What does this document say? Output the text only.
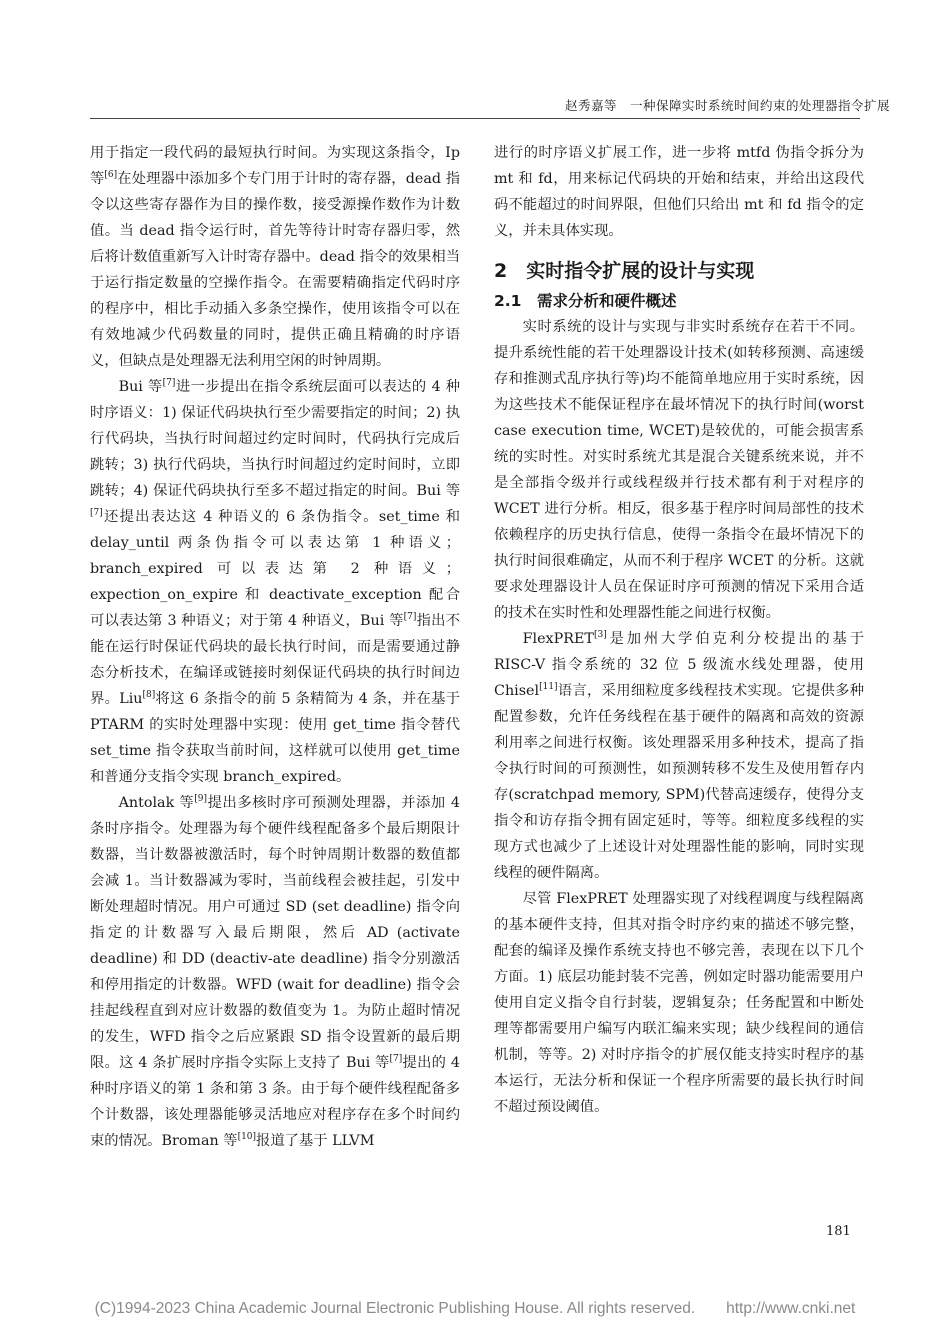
赵秀嘉等　一种保障实时系统时间约束的处理器指令扩展

用于指定一段代码的最短执行时间。为实现这条指令，Ip 等[6]在处理器中添加多个专门用于计时的寄存器，dead 指令以这些寄存器作为目的操作数，接受源操作数作为计数值。当 dead 指令运行时，首先等待计时寄存器归零，然后将计数值重新写入计时寄存器中。dead 指令的效果相当于运行指定数量的空操作指令。在需要精确指定代码时序的程序中，相比手动插入多条空操作，使用该指令可以在有效地减少代码数量的同时，提供正确且精确的时序语义，但缺点是处理器无法利用空闲的时钟周期。

Bui 等[7]进一步提出在指令系统层面可以表达的 4 种时序语义：1) 保证代码块执行至少需要指定的时间；2) 执行代码块，当执行时间超过约定时间时，代码执行完成后跳转；3) 执行代码块，当执行时间超过约定时间时，立即跳转；4) 保证代码块执行至多不超过指定的时间。Bui 等[7]还提出表达这 4 种语义的 6 条伪指令。set_time 和 delay_until 两条伪指令可以表达第 1 种语义；branch_expired 可以表达第 2 种语义；expection_on_expire 和 deactivate_exception 配合可以表达第 3 种语义；对于第 4 种语义，Bui 等[7]指出不能在运行时保证代码块的最长执行时间，而是需要通过静态分析技术，在编译或链接时刻保证代码块的执行时间边界。Liu[8]将这 6 条指令的前 5 条精简为 4 条，并在基于 PTARM 的实时处理器中实现：使用 get_time 指令替代 set_time 指令获取当前时间，这样就可以使用 get_time 和普通分支指令实现 branch_expired。

Antolak 等[9]提出多核时序可预测处理器，并添加 4 条时序指令。处理器为每个硬件线程配备多个最后期限计数器，当计数器被激活时，每个时钟周期计数器的数值都会减 1。当计数器减为零时，当前线程会被挂起，引发中断处理超时情况。用户可通过 SD (set deadline) 指令向指定的计数器写入最后期限，然后 AD (activate deadline) 和 DD (deactiv-ate deadline) 指令分别激活和停用指定的计数器。WFD (wait for deadline) 指令会挂起线程直到对应计数器的数值变为 1。为防止超时情况的发生，WFD 指令之后应紧跟 SD 指令设置新的最后期限。这 4 条扩展时序指令实际上支持了 Bui 等[7]提出的 4 种时序语义的第 1 条和第 3 条。由于每个硬件线程配备多个计数器，该处理器能够灵活地应对程序存在多个时间约束的情况。Broman 等[10]报道了基于 LLVM

进行的时序语义扩展工作，进一步将 mtfd 伪指令拆分为 mt 和 fd，用来标记代码块的开始和结束，并给出这段代码不能超过的时间界限，但他们只给出 mt 和 fd 指令的定义，并未具体实现。

2　实时指令扩展的设计与实现
2.1　需求分析和硬件概述

实时系统的设计与实现与非实时系统存在若干不同。提升系统性能的若干处理器设计技术(如转移预测、高速缓存和推测式乱序执行等)均不能简单地应用于实时系统，因为这些技术不能保证程序在最坏情况下的执行时间(worst case execution time, WCET)是较优的，可能会损害系统的实时性。对实时系统尤其是混合关键系统来说，并不是全部指令级并行或线程级并行技术都有利于对程序的 WCET 进行分析。相反，很多基于程序时间局部性的技术依赖程序的历史执行信息，使得一条指令在最坏情况下的执行时间很难确定，从而不利于程序 WCET 的分析。这就要求处理器设计人员在保证时序可预测的情况下采用合适的技术在实时性和处理器性能之间进行权衡。

FlexPRET[3]是加州大学伯克利分校提出的基于 RISC-V 指令系统的 32 位 5 级流水线处理器，使用 Chisel[11]语言，采用细粒度多线程技术实现。它提供多种配置参数，允许任务线程在基于硬件的隔离和高效的资源利用率之间进行权衡。该处理器采用多种技术，提高了指令执行时间的可预测性，如预测转移不发生及使用暂存内存(scratchpad memory, SPM)代替高速缓存，使得分支指令和访存指令拥有固定延时，等等。细粒度多线程的实现方式也减少了上述设计对处理器性能的影响，同时实现线程的硬件隔离。

尽管 FlexPRET 处理器实现了对线程调度与线程隔离的基本硬件支持，但其对指令时序约束的描述不够完整，配套的编译及操作系统支持也不够完善，表现在以下几个方面。1) 底层功能封装不完善，例如定时器功能需要用户使用自定义指令自行封装，逻辑复杂；任务配置和中断处理等都需要用户编写内联汇编来实现；缺少线程间的通信机制，等等。2) 对时序指令的扩展仅能支持实时程序的基本运行，无法分析和保证一个程序所需要的最长执行时间不超过预设阈值。

181
(C)1994-2023 China Academic Journal Electronic Publishing House. All rights reserved.　　http://www.cnki.net
